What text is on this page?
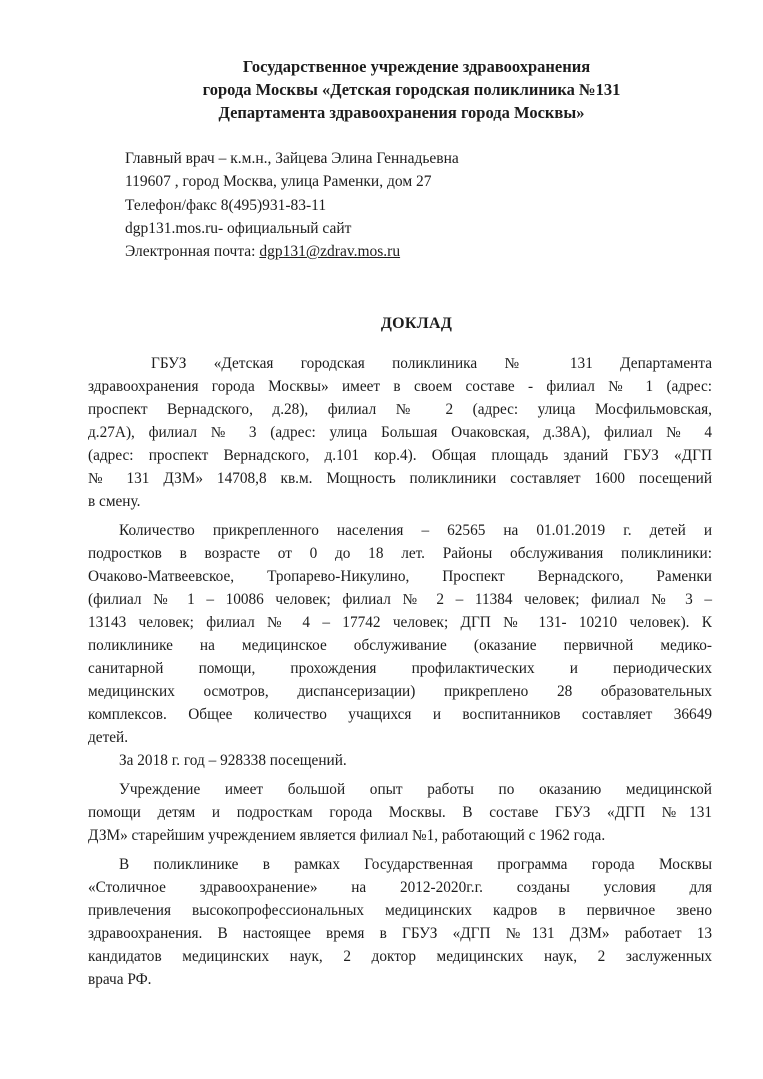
Государственное учреждение здравоохранения
города Москвы «Детская городская поликлиника №131
Департамента здравоохранения города Москвы»
Главный врач – к.м.н., Зайцева Элина Геннадьевна
119607 , город Москва, улица Раменки, дом 27
Телефон/факс 8(495)931-83-11
dgp131.mos.ru- официальный сайт
Электронная почта: dgp131@zdrav.mos.ru
ДОКЛАД
ГБУЗ «Детская городская поликлиника № 131 Департамента
здравоохранения города Москвы» имеет в своем составе - филиал № 1 (адрес:
проспект Вернадского, д.28), филиал № 2 (адрес: улица Мосфильмовская,
д.27А), филиал № 3 (адрес: улица Большая Очаковская, д.38А), филиал № 4
(адрес: проспект Вернадского, д.101 кор.4). Общая площадь зданий ГБУЗ «ДГП
№ 131 ДЗМ» 14708,8 кв.м. Мощность поликлиники составляет 1600 посещений
в смену.
Количество прикрепленного населения – 62565 на 01.01.2019 г. детей и
подростков в возрасте от 0 до 18 лет. Районы обслуживания поликлиники:
Очаково-Матвеевское, Тропарево-Никулино, Проспект Вернадского, Раменки
(филиал № 1 – 10086 человек; филиал № 2 – 11384 человек; филиал № 3 –
13143 человек; филиал № 4 – 17742 человек; ДГП № 131- 10210 человек). К
поликлинике на медицинское обслуживание (оказание первичной медико-
санитарной помощи, прохождения профилактических и периодических
медицинских осмотров, диспансеризации) прикреплено 28 образовательных
комплексов. Общее количество учащихся и воспитанников составляет 36649
детей.
За 2018 г. год – 928338 посещений.
Учреждение имеет большой опыт работы по оказанию медицинской
помощи детям и подросткам города Москвы. В составе ГБУЗ «ДГП №131
ДЗМ» старейшим учреждением является филиал №1, работающий с 1962 года.
В поликлинике в рамках Государственная программа города Москвы
«Столичное здравоохранение» на 2012-2020г.г. созданы условия для
привлечения высокопрофессиональных медицинских кадров в первичное звено
здравоохранения. В настоящее время в ГБУЗ «ДГП №131 ДЗМ» работает 13
кандидатов медицинских наук, 2 доктор медицинских наук, 2 заслуженных
врача РФ.
